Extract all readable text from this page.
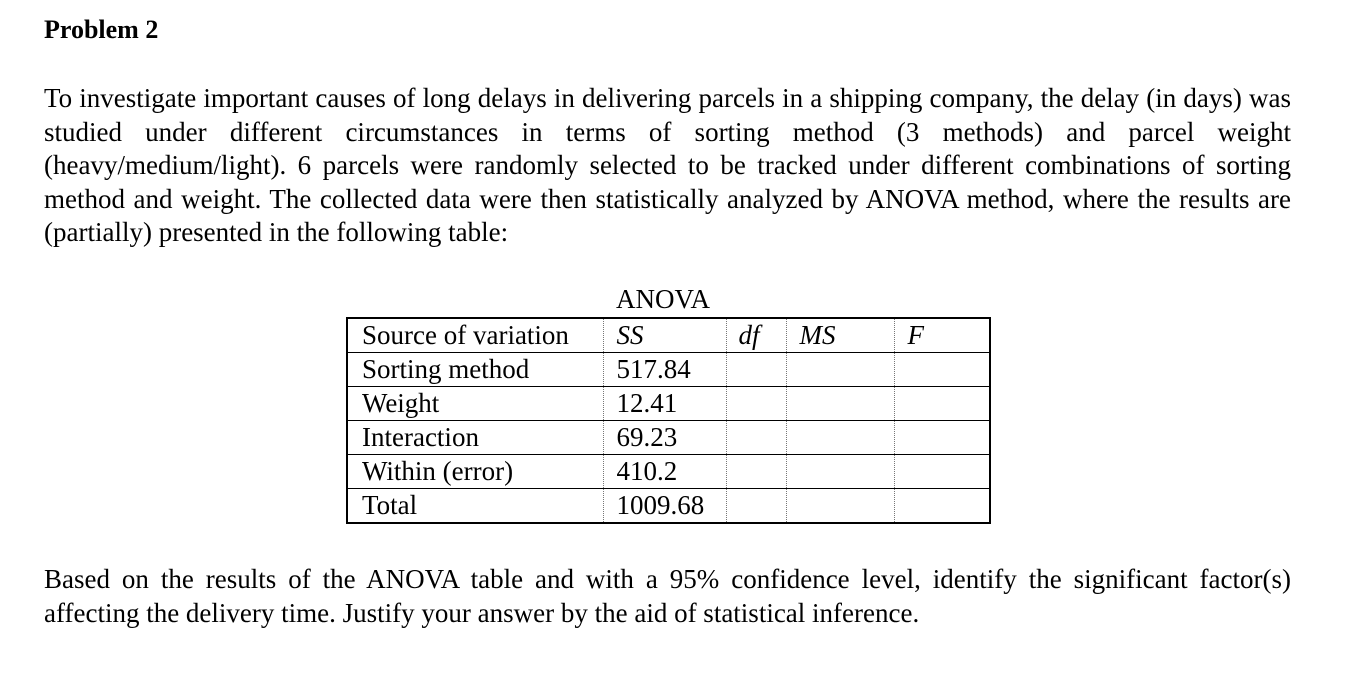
Problem 2
To investigate important causes of long delays in delivering parcels in a shipping company, the delay (in days) was studied under different circumstances in terms of sorting method (3 methods) and parcel weight (heavy/medium/light). 6 parcels were randomly selected to be tracked under different combinations of sorting method and weight. The collected data were then statistically analyzed by ANOVA method, where the results are (partially) presented in the following table:
ANOVA
Source of variation	SS	df	MS	F
Sorting method	517.84			
Weight	12.41			
Interaction	69.23			
Within (error)	410.2			
Total	1009.68			
Based on the results of the ANOVA table and with a 95% confidence level, identify the significant factor(s) affecting the delivery time. Justify your answer by the aid of statistical inference.
